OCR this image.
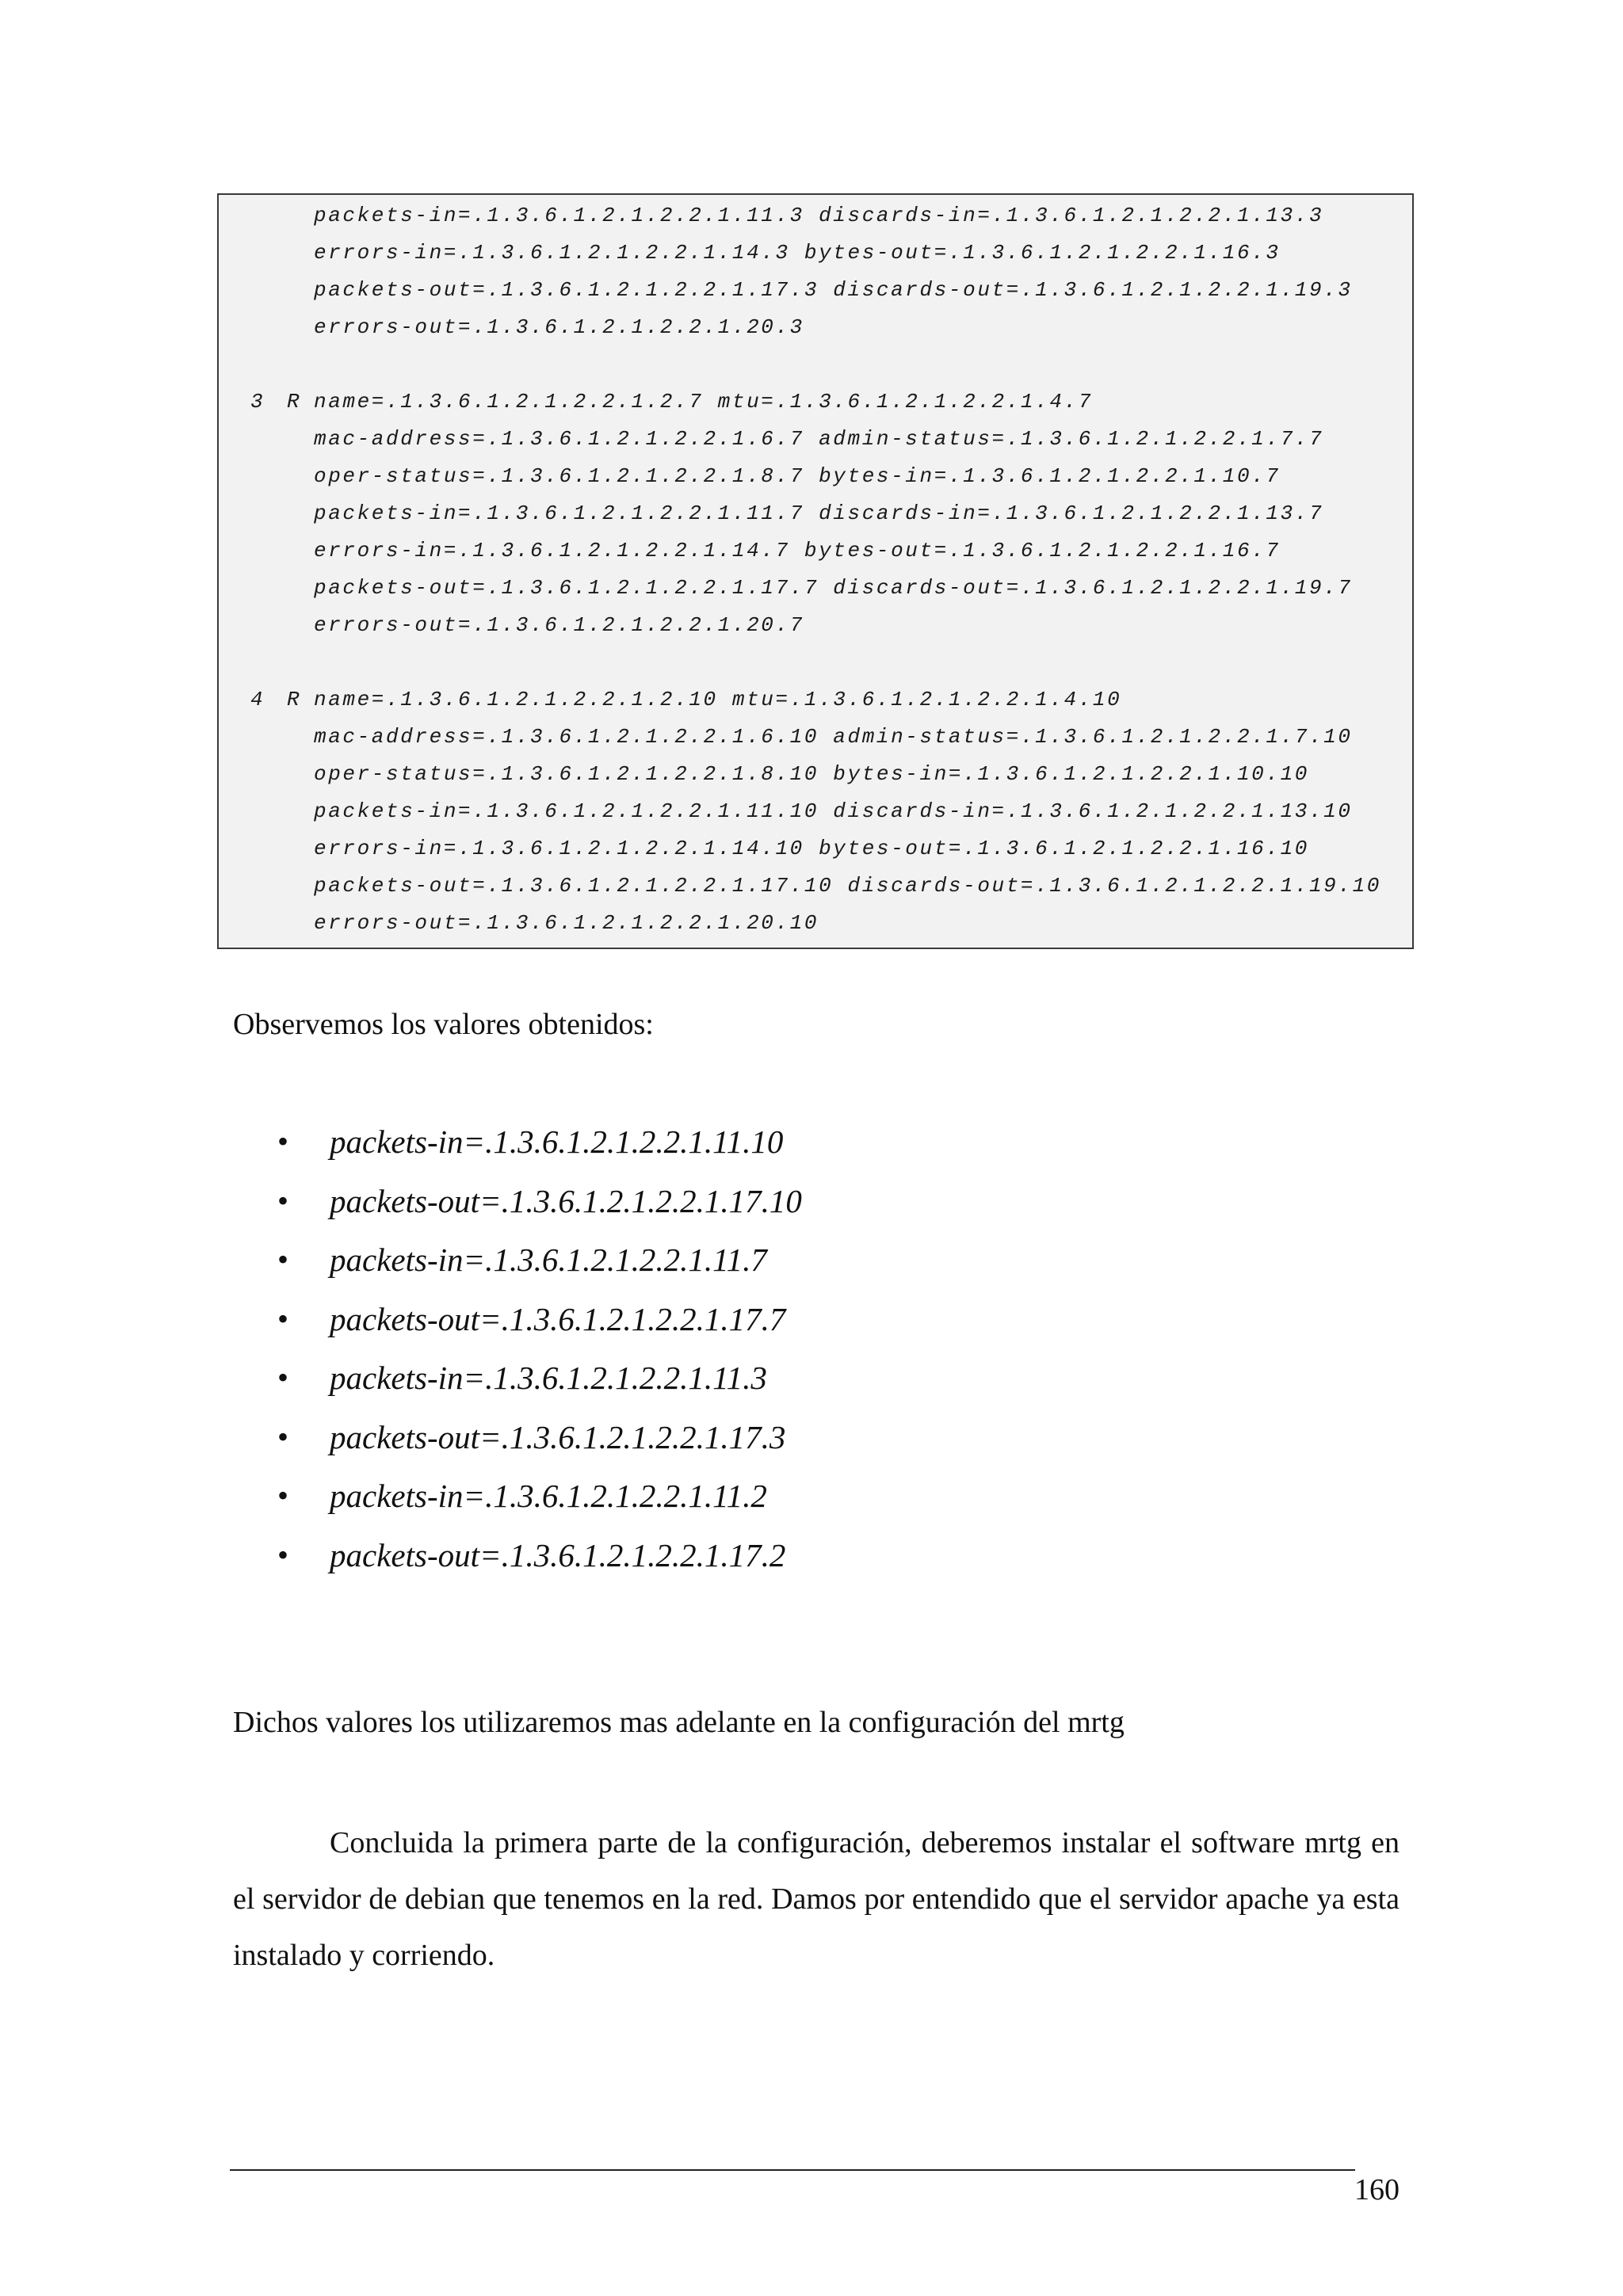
packets-in=.1.3.6.1.2.1.2.2.1.11.3 discards-in=.1.3.6.1.2.1.2.2.1.13.3
errors-in=.1.3.6.1.2.1.2.2.1.14.3 bytes-out=.1.3.6.1.2.1.2.2.1.16.3
packets-out=.1.3.6.1.2.1.2.2.1.17.3 discards-out=.1.3.6.1.2.1.2.2.1.19.3
errors-out=.1.3.6.1.2.1.2.2.1.20.3
3 R name=.1.3.6.1.2.1.2.2.1.2.7 mtu=.1.3.6.1.2.1.2.2.1.4.7
mac-address=.1.3.6.1.2.1.2.2.1.6.7 admin-status=.1.3.6.1.2.1.2.2.1.7.7
oper-status=.1.3.6.1.2.1.2.2.1.8.7 bytes-in=.1.3.6.1.2.1.2.2.1.10.7
packets-in=.1.3.6.1.2.1.2.2.1.11.7 discards-in=.1.3.6.1.2.1.2.2.1.13.7
errors-in=.1.3.6.1.2.1.2.2.1.14.7 bytes-out=.1.3.6.1.2.1.2.2.1.16.7
packets-out=.1.3.6.1.2.1.2.2.1.17.7 discards-out=.1.3.6.1.2.1.2.2.1.19.7
errors-out=.1.3.6.1.2.1.2.2.1.20.7
4 R name=.1.3.6.1.2.1.2.2.1.2.10 mtu=.1.3.6.1.2.1.2.2.1.4.10
mac-address=.1.3.6.1.2.1.2.2.1.6.10 admin-status=.1.3.6.1.2.1.2.2.1.7.10
oper-status=.1.3.6.1.2.1.2.2.1.8.10 bytes-in=.1.3.6.1.2.1.2.2.1.10.10
packets-in=.1.3.6.1.2.1.2.2.1.11.10 discards-in=.1.3.6.1.2.1.2.2.1.13.10
errors-in=.1.3.6.1.2.1.2.2.1.14.10 bytes-out=.1.3.6.1.2.1.2.2.1.16.10
packets-out=.1.3.6.1.2.1.2.2.1.17.10 discards-out=.1.3.6.1.2.1.2.2.1.19.10
errors-out=.1.3.6.1.2.1.2.2.1.20.10
Observemos los valores obtenidos:
• packets-in=.1.3.6.1.2.1.2.2.1.11.10
• packets-out=.1.3.6.1.2.1.2.2.1.17.10
• packets-in=.1.3.6.1.2.1.2.2.1.11.7
• packets-out=.1.3.6.1.2.1.2.2.1.17.7
• packets-in=.1.3.6.1.2.1.2.2.1.11.3
• packets-out=.1.3.6.1.2.1.2.2.1.17.3
• packets-in=.1.3.6.1.2.1.2.2.1.11.2
• packets-out=.1.3.6.1.2.1.2.2.1.17.2
Dichos valores los utilizaremos mas adelante en la configuración del mrtg
Concluida la primera parte de la configuración, deberemos instalar el software mrtg en el servidor de debian que tenemos en la red. Damos por entendido que el servidor apache ya esta instalado y corriendo.
160
